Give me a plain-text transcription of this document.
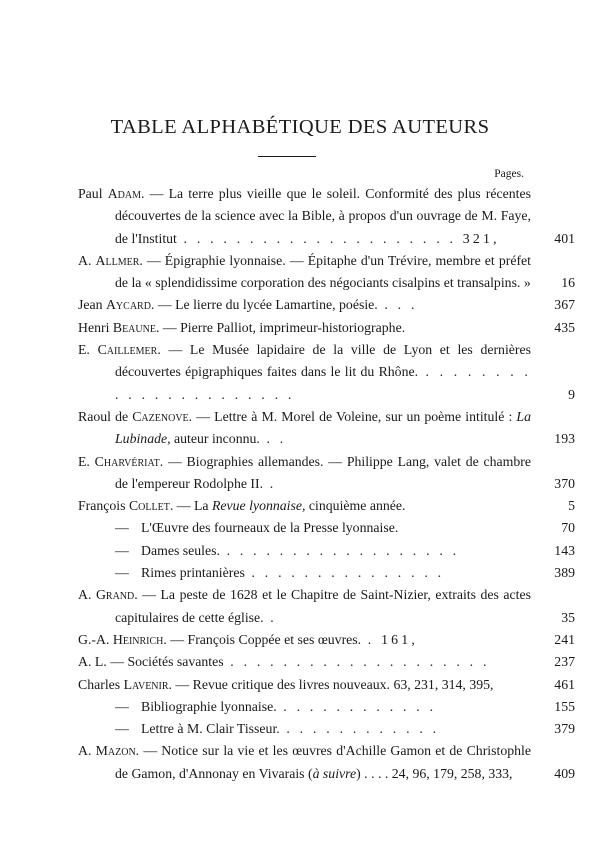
TABLE ALPHABÉTIQUE DES AUTEURS
Pages.
Paul Adam. — La terre plus vieille que le soleil. Conformité des plus récentes découvertes de la science avec la Bible, à propos d'un ouvrage de M. Faye, de l'Institut . . . . . . . . . . . . . . . . . . . . . 321,	401
A. Allmer. — Épigraphie lyonnaise. — Épitaphe d'un Trévire, membre et préfet de la « splendidissime corporation des négociants cisalpins et transalpins. »	16
Jean Aycard. — Le lierre du lycée Lamartine, poésie. . . .	367
Henri Beaune. — Pierre Palliot, imprimeur-historiographe.	435
E. Caillemer. — Le Musée lapidaire de la ville de Lyon et les dernières découvertes épigraphiques faites dans le lit du Rhône. . . . . . . . . . . . . . . . . . . . . . .	9
Raoul de Cazenove. — Lettre à M. Morel de Voleine, sur un poème intitulé : La Lubinade, auteur inconnu. . .	193
E. Charvériat. — Biographies allemandes. — Philippe Lang, valet de chambre de l'empereur Rodolphe II. .	370
François Collet. — La Revue lyonnaise, cinquième année.	5
— L'Œuvre des fourneaux de la Presse lyonnaise.	70
— Dames seules. . . . . . . . . . . . . . . . . . .	143
— Rimes printanières . . . . . . . . . . . . . . .	389
A. Grand. — La peste de 1628 et le Chapitre de Saint-Nizier, extraits des actes capitulaires de cette église. .	35
G.-A. Heinrich. — François Coppée et ses œuvres. . 161,	241
A. L. — Sociétés savantes . . . . . . . . . . . . . . . . . . . .	237
Charles Lavenir. — Revue critique des livres nouveaux. 63, 231, 314, 395,	461
— Bibliographie lyonnaise. . . . . . . . . . . . .	155
— Lettre à M. Clair Tisseur. . . . . . . . . . . . .	379
A. Mazon. — Notice sur la vie et les œuvres d'Achille Gamon et de Christophle de Gamon, d'Annonay en Vivarais (à suivre) . . . . 24, 96, 179, 258, 333,	409
